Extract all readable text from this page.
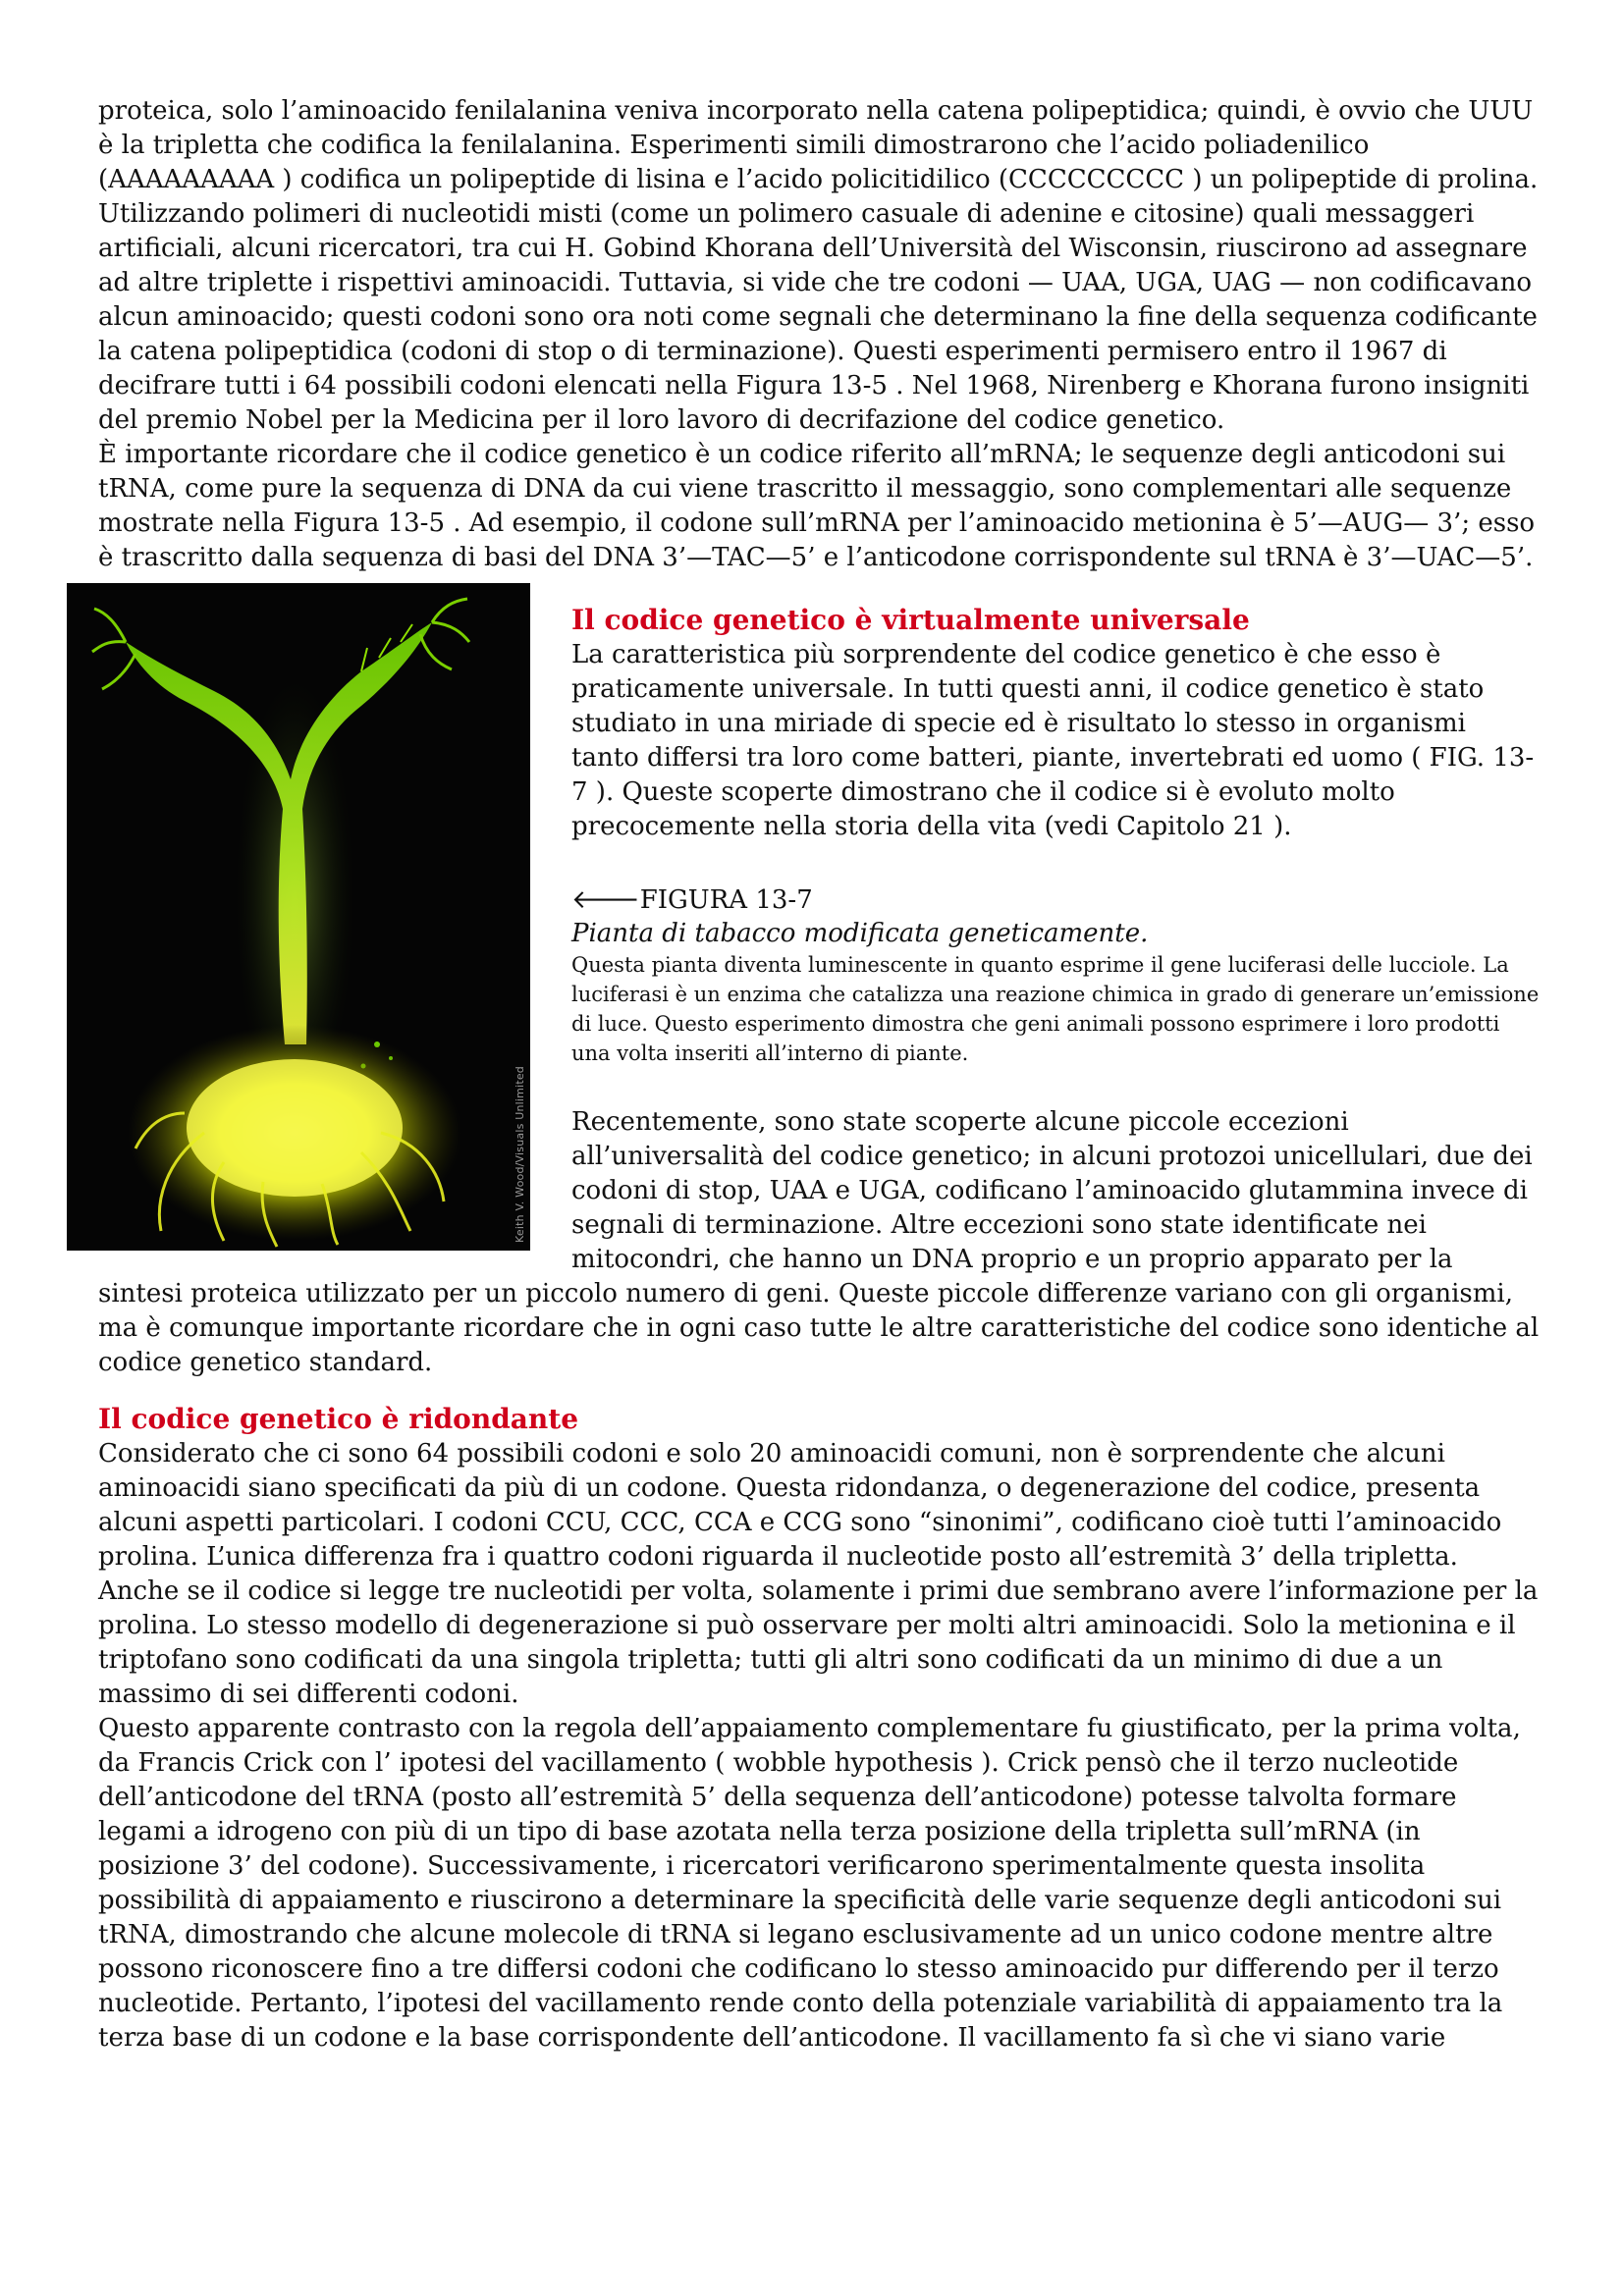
proteica, solo l’aminoacido fenilalanina veniva incorporato nella catena polipeptidica; quindi, è ovvio che UUU è la tripletta che codifica la fenilalanina. Esperimenti simili dimostrarono che l’acido poliadenilico (AAAAAAAAA ) codifica un polipeptide di lisina e l’acido policitidilico (CCCCCCCCC ) un polipeptide di prolina.

Utilizzando polimeri di nucleotidi misti (come un polimero casuale di adenine e citosine) quali messaggeri artificiali, alcuni ricercatori, tra cui H. Gobind Khorana dell’Università del Wisconsin, riuscirono ad assegnare ad altre triplette i rispettivi aminoacidi. Tuttavia, si vide che tre codoni — UAA, UGA, UAG — non codificavano alcun aminoacido; questi codoni sono ora noti come segnali che determinano la fine della sequenza codificante la catena polipeptidica (codoni di stop o di terminazione). Questi esperimenti permisero entro il 1967 di decifrare tutti i 64 possibili codoni elencati nella Figura 13-5 . Nel 1968, Nirenberg e Khorana furono insigniti del premio Nobel per la Medicina per il loro lavoro di decrifazione del codice genetico.

È importante ricordare che il codice genetico è un codice riferito all’mRNA; le sequenze degli anticodoni sui tRNA, come pure la sequenza di DNA da cui viene trascritto il messaggio, sono complementari alle sequenze mostrate nella Figura 13-5 . Ad esempio, il codone sull’mRNA per l’aminoacido metionina è 5’—AUG— 3’; esso è trascritto dalla sequenza di basi del DNA 3’—TAC—5’ e l’anticodone corrispondente sul tRNA è 3’—UAC—5’.

Keith V. Wood/Visuals Unlimited
Il codice genetico è virtualmente universale

La caratteristica più sorprendente del codice genetico è che esso è praticamente universale. In tutti questi anni, il codice genetico è stato studiato in una miriade di specie ed è risultato lo stesso in organismi tanto differsi tra loro come batteri, piante, invertebrati ed uomo ( FIG. 13-7 ). Queste scoperte dimostrano che il codice si è evoluto molto precocemente nella storia della vita (vedi Capitolo 21 ).

🡐FIGURA 13-7
Pianta di tabacco modificata geneticamente.
Questa pianta diventa luminescente in quanto esprime il gene luciferasi delle lucciole. La luciferasi è un enzima che catalizza una reazione chimica in grado di generare un’emissione di luce. Questo esperimento dimostra che geni animali possono esprimere i loro prodotti una volta inseriti all’interno di piante.

Recentemente, sono state scoperte alcune piccole eccezioni all’universalità del codice genetico; in alcuni protozoi unicellulari, due dei codoni di stop, UAA e UGA, codificano l’aminoacido glutammina invece di segnali di terminazione. Altre eccezioni sono state identificate nei mitocondri, che hanno un DNA proprio e un proprio apparato per la sintesi proteica utilizzato per un piccolo numero di geni. Queste piccole differenze variano con gli organismi, ma è comunque importante ricordare che in ogni caso tutte le altre caratteristiche del codice sono identiche al codice genetico standard.

Il codice genetico è ridondante

Considerato che ci sono 64 possibili codoni e solo 20 aminoacidi comuni, non è sorprendente che alcuni aminoacidi siano specificati da più di un codone. Questa ridondanza, o degenerazione del codice, presenta alcuni aspetti particolari. I codoni CCU, CCC, CCA e CCG sono “sinonimi”, codificano cioè tutti l’aminoacido prolina. L’unica differenza fra i quattro codoni riguarda il nucleotide posto all’estremità 3’ della tripletta. Anche se il codice si legge tre nucleotidi per volta, solamente i primi due sembrano avere l’informazione per la prolina. Lo stesso modello di degenerazione si può osservare per molti altri aminoacidi. Solo la metionina e il triptofano sono codificati da una singola tripletta; tutti gli altri sono codificati da un minimo di due a un massimo di sei differenti codoni.

Questo apparente contrasto con la regola dell’appaiamento complementare fu giustificato, per la prima volta, da Francis Crick con l’ ipotesi del vacillamento ( wobble hypothesis ). Crick pensò che il terzo nucleotide dell’anticodone del tRNA (posto all’estremità 5’ della sequenza dell’anticodone) potesse talvolta formare legami a idrogeno con più di un tipo di base azotata nella terza posizione della tripletta sull’mRNA (in posizione 3’ del codone). Successivamente, i ricercatori verificarono sperimentalmente questa insolita possibilità di appaiamento e riuscirono a determinare la specificità delle varie sequenze degli anticodoni sui tRNA, dimostrando che alcune molecole di tRNA si legano esclusivamente ad un unico codone mentre altre possono riconoscere fino a tre differsi codoni che codificano lo stesso aminoacido pur differendo per il terzo nucleotide. Pertanto, l’ipotesi del vacillamento rende conto della potenziale variabilità di appaiamento tra la terza base di un codone e la base corrispondente dell’anticodone. Il vacillamento fa sì che vi siano varie
